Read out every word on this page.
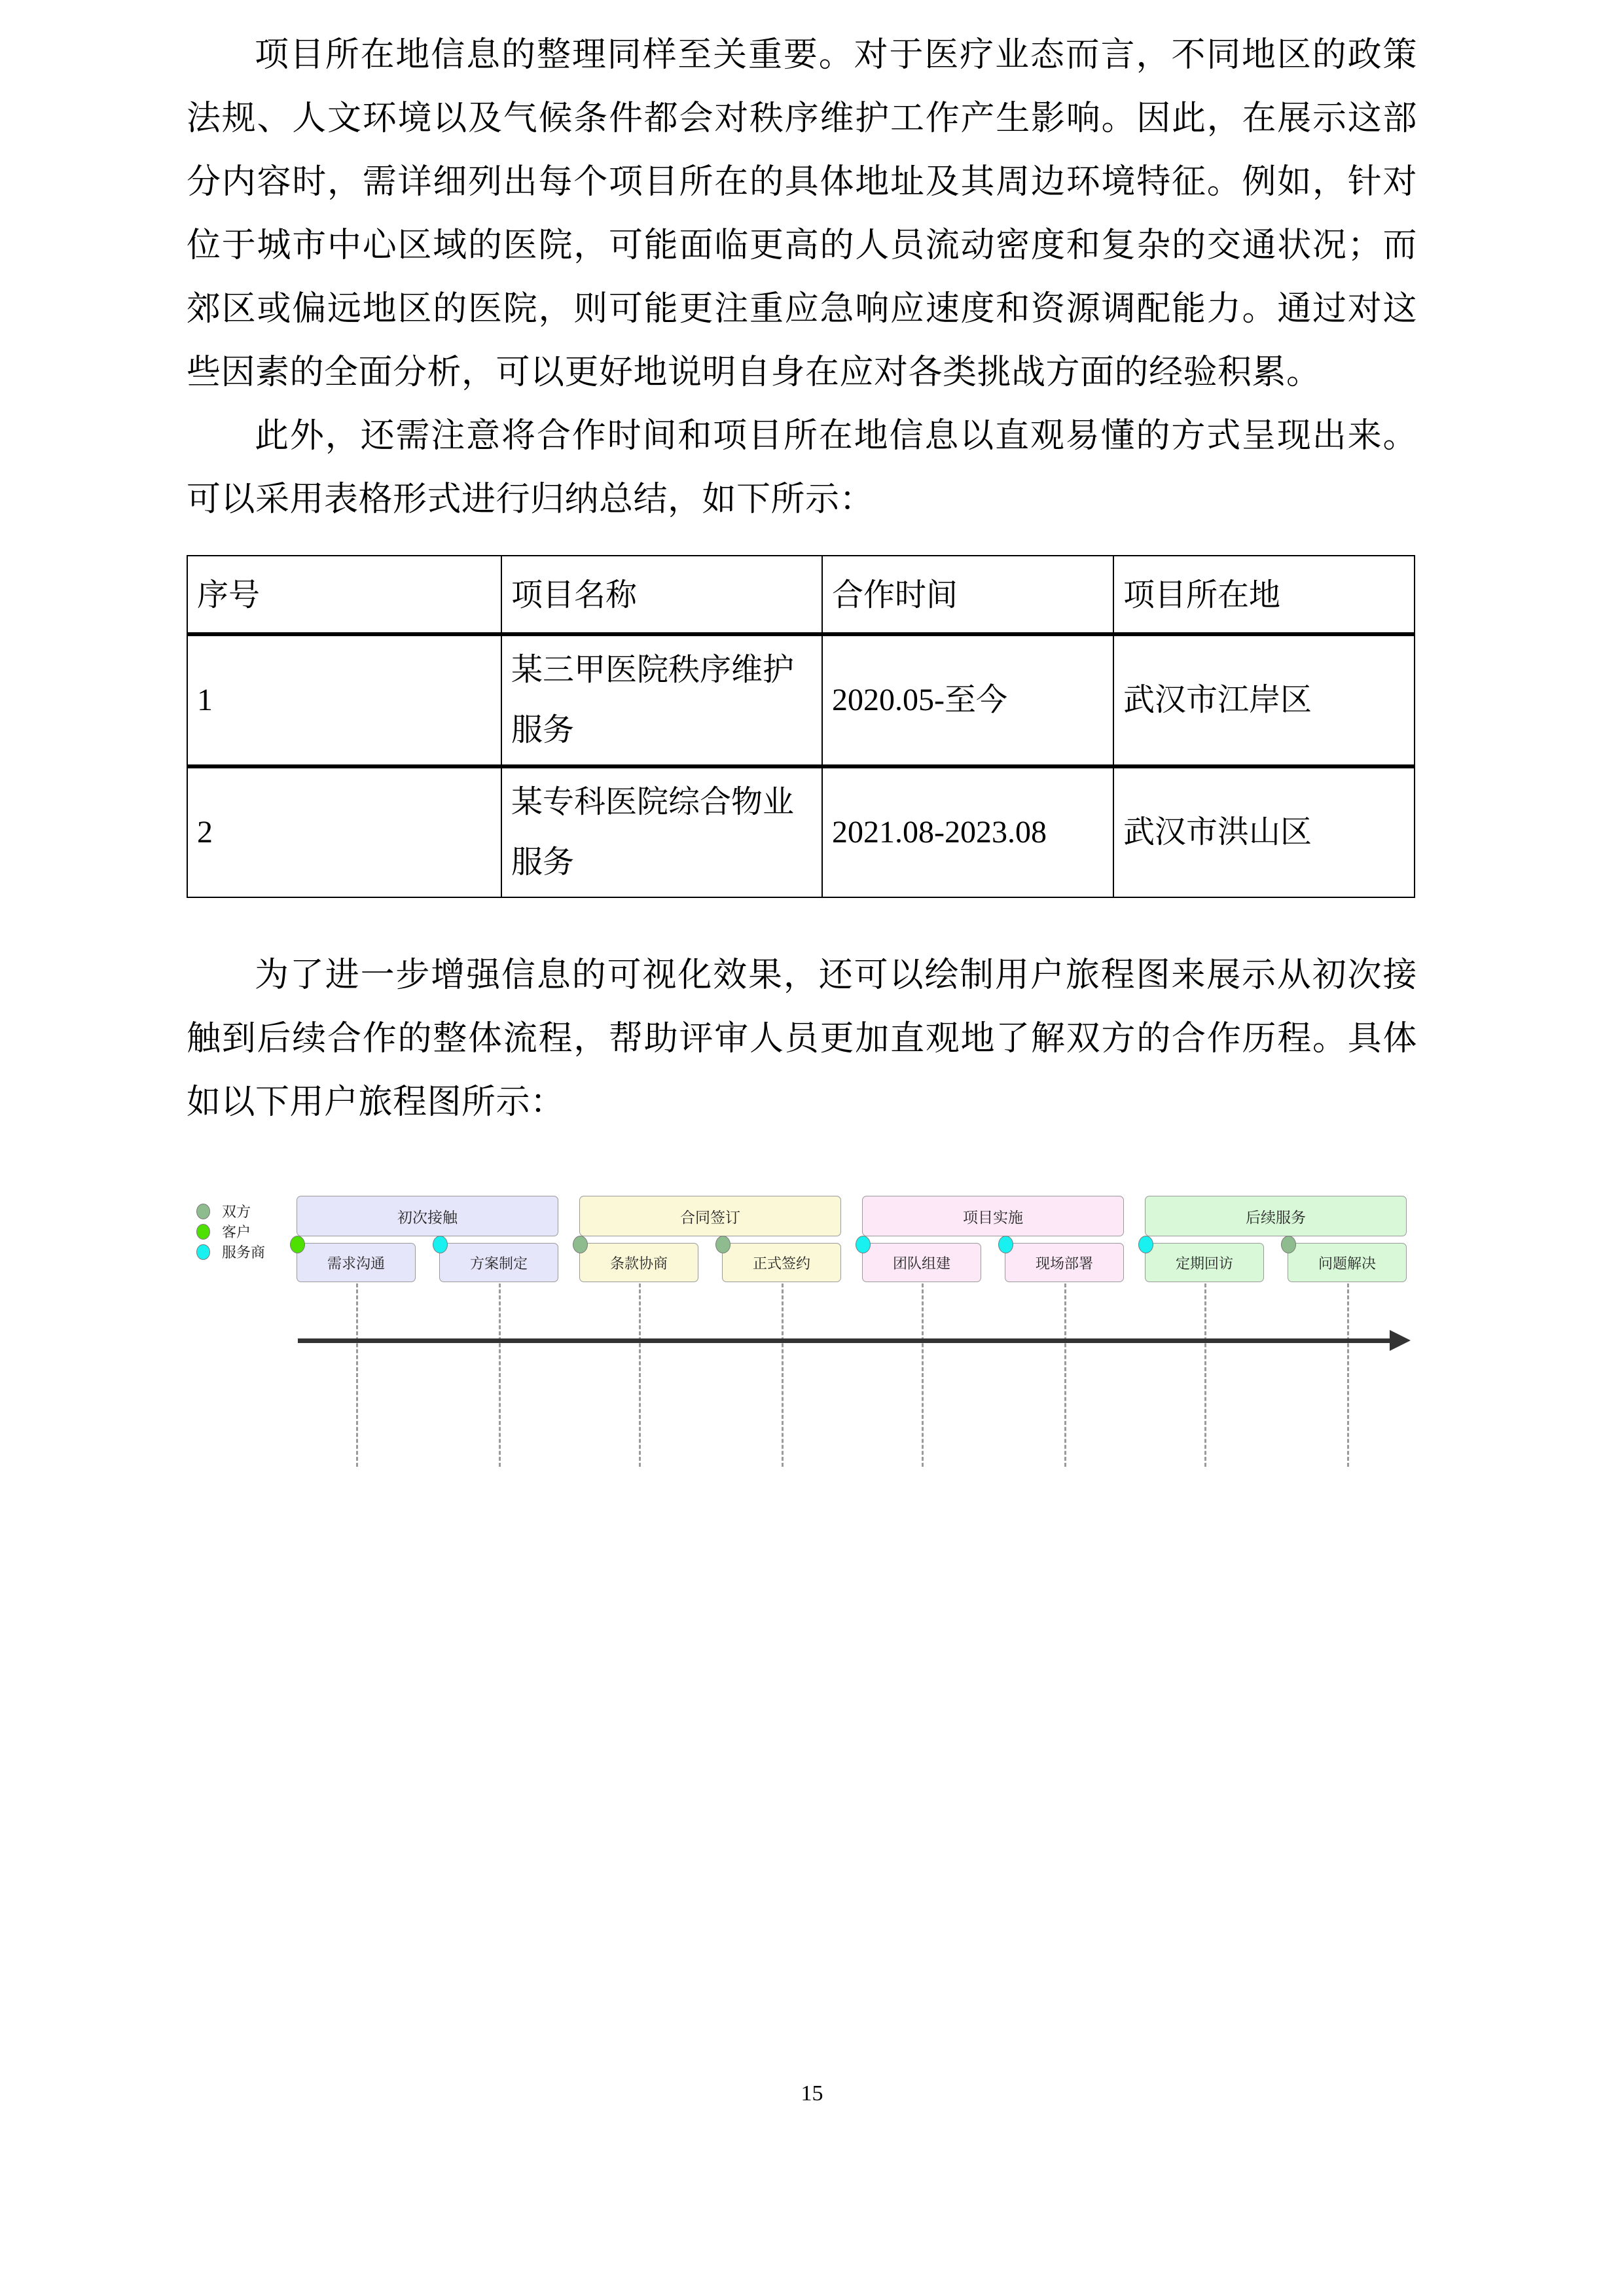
项目所在地信息的整理同样至关重要。对于医疗业态而言，不同地区的政策法规、人文环境以及气候条件都会对秩序维护工作产生影响。因此，在展示这部分内容时，需详细列出每个项目所在的具体地址及其周边环境特征。例如，针对位于城市中心区域的医院，可能面临更高的人员流动密度和复杂的交通状况；而郊区或偏远地区的医院，则可能更注重应急响应速度和资源调配能力。通过对这些因素的全面分析，可以更好地说明自身在应对各类挑战方面的经验积累。

此外，还需注意将合作时间和项目所在地信息以直观易懂的方式呈现出来。可以采用表格形式进行归纳总结，如下所示：

序号	项目名称	合作时间	项目所在地
1	某三甲医院秩序维护服务	2020.05-至今	武汉市江岸区
2	某专科医院综合物业服务	2021.08-2023.08	武汉市洪山区

为了进一步增强信息的可视化效果，还可以绘制用户旅程图来展示从初次接触到后续合作的整体流程，帮助评审人员更加直观地了解双方的合作历程。具体如以下用户旅程图所示：

双方
客户
服务商
初次接触	合同签订	项目实施	后续服务
需求沟通	方案制定	条款协商	正式签约	团队组建	现场部署	定期回访	问题解决
15
